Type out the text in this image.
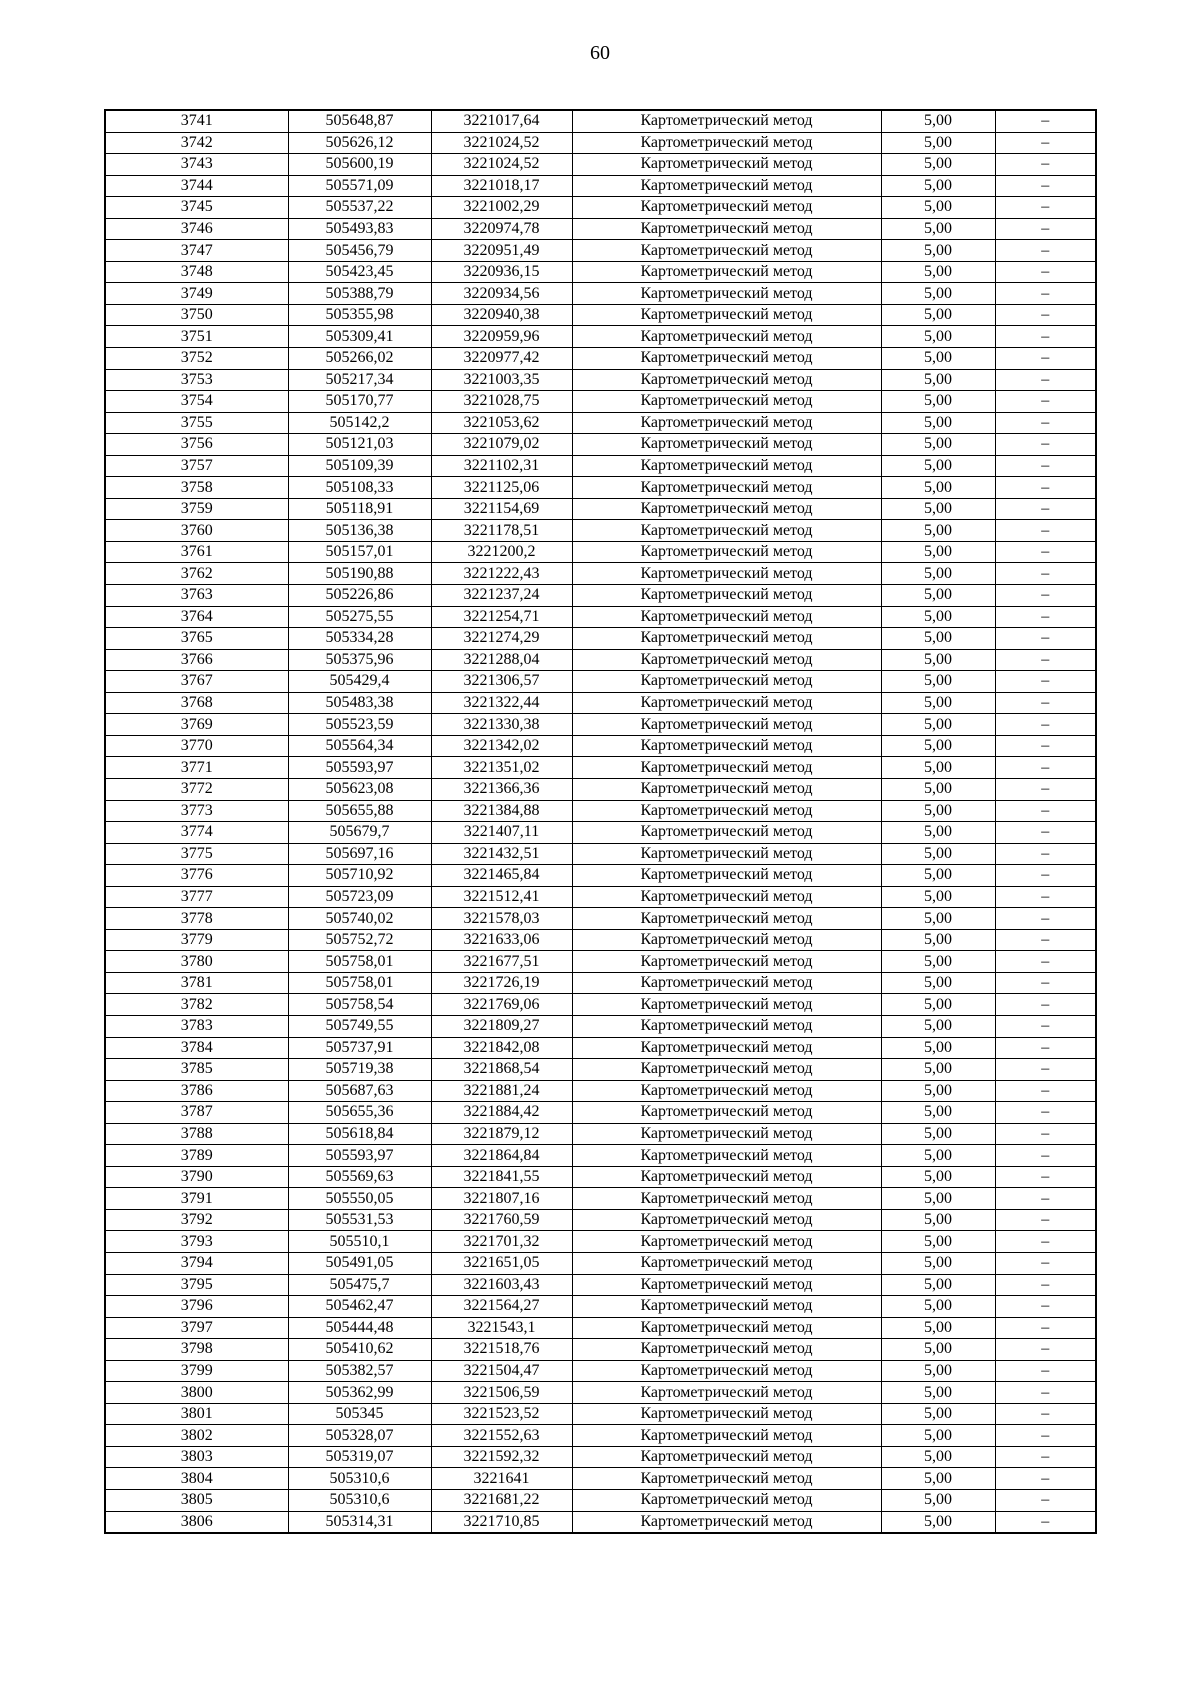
60
3741	505648,87	3221017,64	Картометрический метод	5,00	–
3742	505626,12	3221024,52	Картометрический метод	5,00	–
3743	505600,19	3221024,52	Картометрический метод	5,00	–
3744	505571,09	3221018,17	Картометрический метод	5,00	–
3745	505537,22	3221002,29	Картометрический метод	5,00	–
3746	505493,83	3220974,78	Картометрический метод	5,00	–
3747	505456,79	3220951,49	Картометрический метод	5,00	–
3748	505423,45	3220936,15	Картометрический метод	5,00	–
3749	505388,79	3220934,56	Картометрический метод	5,00	–
3750	505355,98	3220940,38	Картометрический метод	5,00	–
3751	505309,41	3220959,96	Картометрический метод	5,00	–
3752	505266,02	3220977,42	Картометрический метод	5,00	–
3753	505217,34	3221003,35	Картометрический метод	5,00	–
3754	505170,77	3221028,75	Картометрический метод	5,00	–
3755	505142,2	3221053,62	Картометрический метод	5,00	–
3756	505121,03	3221079,02	Картометрический метод	5,00	–
3757	505109,39	3221102,31	Картометрический метод	5,00	–
3758	505108,33	3221125,06	Картометрический метод	5,00	–
3759	505118,91	3221154,69	Картометрический метод	5,00	–
3760	505136,38	3221178,51	Картометрический метод	5,00	–
3761	505157,01	3221200,2	Картометрический метод	5,00	–
3762	505190,88	3221222,43	Картометрический метод	5,00	–
3763	505226,86	3221237,24	Картометрический метод	5,00	–
3764	505275,55	3221254,71	Картометрический метод	5,00	–
3765	505334,28	3221274,29	Картометрический метод	5,00	–
3766	505375,96	3221288,04	Картометрический метод	5,00	–
3767	505429,4	3221306,57	Картометрический метод	5,00	–
3768	505483,38	3221322,44	Картометрический метод	5,00	–
3769	505523,59	3221330,38	Картометрический метод	5,00	–
3770	505564,34	3221342,02	Картометрический метод	5,00	–
3771	505593,97	3221351,02	Картометрический метод	5,00	–
3772	505623,08	3221366,36	Картометрический метод	5,00	–
3773	505655,88	3221384,88	Картометрический метод	5,00	–
3774	505679,7	3221407,11	Картометрический метод	5,00	–
3775	505697,16	3221432,51	Картометрический метод	5,00	–
3776	505710,92	3221465,84	Картометрический метод	5,00	–
3777	505723,09	3221512,41	Картометрический метод	5,00	–
3778	505740,02	3221578,03	Картометрический метод	5,00	–
3779	505752,72	3221633,06	Картометрический метод	5,00	–
3780	505758,01	3221677,51	Картометрический метод	5,00	–
3781	505758,01	3221726,19	Картометрический метод	5,00	–
3782	505758,54	3221769,06	Картометрический метод	5,00	–
3783	505749,55	3221809,27	Картометрический метод	5,00	–
3784	505737,91	3221842,08	Картометрический метод	5,00	–
3785	505719,38	3221868,54	Картометрический метод	5,00	–
3786	505687,63	3221881,24	Картометрический метод	5,00	–
3787	505655,36	3221884,42	Картометрический метод	5,00	–
3788	505618,84	3221879,12	Картометрический метод	5,00	–
3789	505593,97	3221864,84	Картометрический метод	5,00	–
3790	505569,63	3221841,55	Картометрический метод	5,00	–
3791	505550,05	3221807,16	Картометрический метод	5,00	–
3792	505531,53	3221760,59	Картометрический метод	5,00	–
3793	505510,1	3221701,32	Картометрический метод	5,00	–
3794	505491,05	3221651,05	Картометрический метод	5,00	–
3795	505475,7	3221603,43	Картометрический метод	5,00	–
3796	505462,47	3221564,27	Картометрический метод	5,00	–
3797	505444,48	3221543,1	Картометрический метод	5,00	–
3798	505410,62	3221518,76	Картометрический метод	5,00	–
3799	505382,57	3221504,47	Картометрический метод	5,00	–
3800	505362,99	3221506,59	Картометрический метод	5,00	–
3801	505345	3221523,52	Картометрический метод	5,00	–
3802	505328,07	3221552,63	Картометрический метод	5,00	–
3803	505319,07	3221592,32	Картометрический метод	5,00	–
3804	505310,6	3221641	Картометрический метод	5,00	–
3805	505310,6	3221681,22	Картометрический метод	5,00	–
3806	505314,31	3221710,85	Картометрический метод	5,00	–
